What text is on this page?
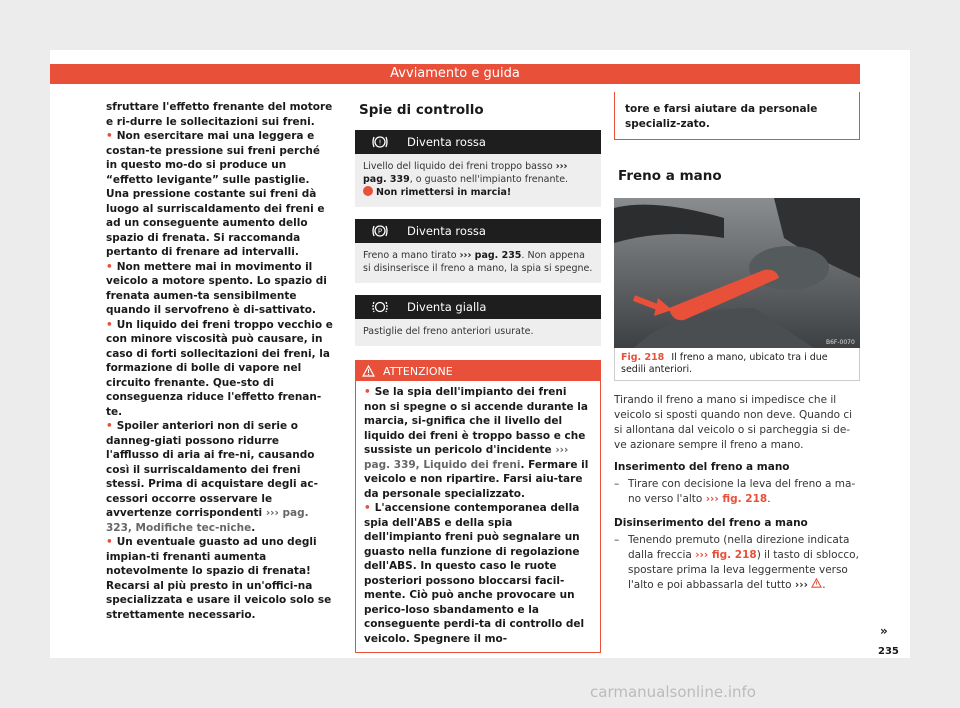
Avviamento e guida

sfruttare l'effetto frenante del motore e ri-durre le sollecitazioni sui freni.

• Non esercitare mai una leggera e costan-te pressione sui freni perché in questo mo-do si produce un “effetto levigante” sulle pastiglie. Una pressione costante sui freni dà luogo al surriscaldamento dei freni e ad un conseguente aumento dello spazio di frenata. Si raccomanda pertanto di frenare ad intervalli.

• Non mettere mai in movimento il veicolo a motore spento. Lo spazio di frenata aumen-ta sensibilmente quando il servofreno è di-sattivato.

• Un liquido dei freni troppo vecchio e con minore viscosità può causare, in caso di forti sollecitazioni dei freni, la formazione di bolle di vapore nel circuito frenante. Que-sto di conseguenza riduce l'effetto frenan-te.

• Spoiler anteriori non di serie o danneg-giati possono ridurre l'afflusso di aria ai fre-ni, causando così il surriscaldamento dei freni stessi. Prima di acquistare degli ac-cessori occorre osservare le avvertenze corrispondenti ››› pag. 323, Modifiche tec-niche.

• Un eventuale guasto ad uno degli impian-ti frenanti aumenta notevolmente lo spazio di frenata! Recarsi al più presto in un'offici-na specializzata e usare il veicolo solo se strettamente necessario.

Spie di controllo
! Diventa rossa
Livello del liquido dei freni troppo basso ››› pag. 339, o guasto nell'impianto frenante.
Non rimettersi in marcia!
P Diventa rossa
Freno a mano tirato ››› pag. 235. Non appena si disinserisce il freno a mano, la spia si spegne.
Diventa gialla
Pastiglie del freno anteriori usurate.
ATTENZIONE

• Se la spia dell'impianto dei freni non si spegne o si accende durante la marcia, si-gnifica che il livello del liquido dei freni è troppo basso e che sussiste un pericolo d'incidente ››› pag. 339, Liquido dei freni. Fermare il veicolo e non ripartire. Farsi aiu-tare da personale specializzato.

• L'accensione contemporanea della spia dell'ABS e della spia dell'impianto freni può segnalare un guasto nella funzione di regolazione dell'ABS. In questo caso le ruote posteriori possono bloccarsi facil-mente. Ciò può anche provocare un perico-loso sbandamento e la conseguente perdi-ta di controllo del veicolo. Spegnere il mo-

tore e farsi aiutare da personale specializ-zato.

Freno a mano
B6F-0070
Fig. 218 Il freno a mano, ubicato tra i due sedili anteriori.

Tirando il freno a mano si impedisce che il veicolo si sposti quando non deve. Quando ci si allontana dal veicolo o si parcheggia si de-ve azionare sempre il freno a mano.

Inserimento del freno a mano
– Tirare con decisione la leva del freno a ma-no verso l'alto ››› fig. 218.
Disinserimento del freno a mano
– Tenendo premuto (nella direzione indicata dalla freccia ››› fig. 218) il tasto di sblocco, spostare prima la leva leggermente verso l'alto e poi abbassarla del tutto ››› .
»
235
carmanualsonline.info
